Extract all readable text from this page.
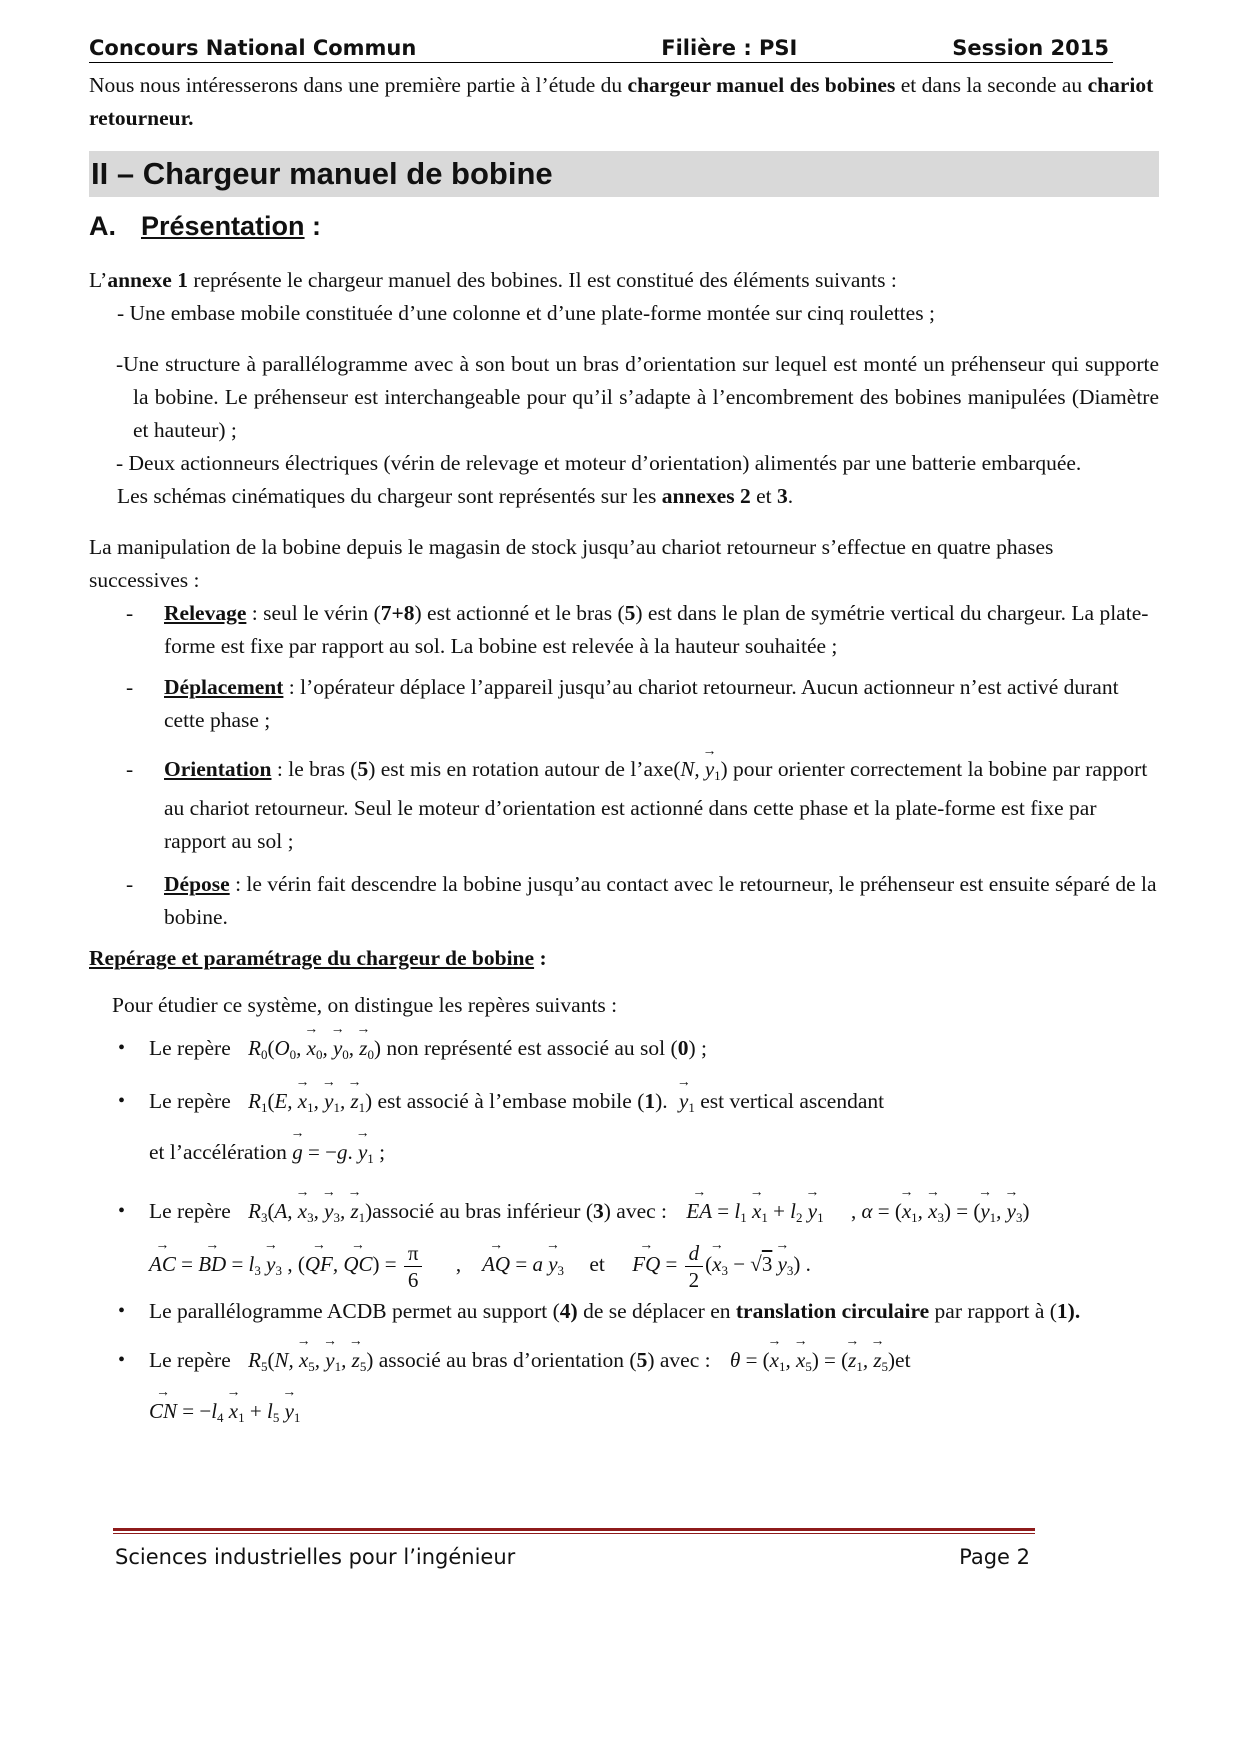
Concours National Commun	Filière : PSI	Session 2015

Nous nous intéresserons dans une première partie à l’étude du chargeur manuel des bobines et dans la seconde au chariot retourneur.

II – Chargeur manuel de bobine
A. Présentation :

L’annexe 1 représente le chargeur manuel des bobines. Il est constitué des éléments suivants :

- Une embase mobile constituée d’une colonne et d’une plate-forme montée sur cinq roulettes ;

-Une structure à parallélogramme avec à son bout un bras d’orientation sur lequel est monté un préhenseur qui supporte la bobine. Le préhenseur est interchangeable pour qu’il s’adapte à l’encombrement des bobines manipulées (Diamètre et hauteur) ;

- Deux actionneurs électriques (vérin de relevage et moteur d’orientation) alimentés par une batterie embarquée.

Les schémas cinématiques du chargeur sont représentés sur les annexes 2 et 3.

La manipulation de la bobine depuis le magasin de stock jusqu’au chariot retourneur s’effectue en quatre phases successives :

-	Relevage : seul le vérin (7+8) est actionné et le bras (5) est dans le plan de symétrie vertical du chargeur. La plate-forme est fixe par rapport au sol. La bobine est relevée à la hauteur souhaitée ;
-	Déplacement : l’opérateur déplace l’appareil jusqu’au chariot retourneur. Aucun actionneur n’est activé durant cette phase ;
-	Orientation : le bras (5) est mis en rotation autour de l’axe(N, → $y_1$) pour orienter correctement la bobine par rapport au chariot retourneur. Seul le moteur d’orientation est actionné dans cette phase et la plate-forme est fixe par rapport au sol ;
-	Dépose : le vérin fait descendre la bobine jusqu’au contact avec le retourneur, le préhenseur est ensuite séparé de la bobine.

Repérage et paramétrage du chargeur de bobine :

Pour étudier ce système, on distingue les repères suivants :

•	Le repère $R_0(O_0$, → $x_0$, → $y_0$, → $z_0$) non représenté est associé au sol (0) ;
•	Le repère $R_1(E$, → $x_1$, → $y_1$, → $z_1$) est associé à l’embase mobile (1). → $y_1$ est vertical ascendant
et l’accélération → g = −g. → $y_1$ ;
•	Le repère $R_3(A$, → $x_3$, → $y_3$, → $z_1)associé$ au bras inférieur (3) avec : → EA = $l_1 \to x_1 + l_2 \to y_1$ , α = (→ $x_1$, → $x_3$) = (→ $y_1$, → $y_3$)
→ AC = → BD = $l_3 \to y_3$ , (→ QF, → $QC) = \frac{\pi}{6}$ , → AQ = $a \to y_3$ et → FQ = $\frac{d}{2}$ (→ $x_3 - √3 \to y_3$) .
•	Le parallélogramme ACDB permet au support (4) de se déplacer en translation circulaire par rapport à (1).
•	Le repère $R_5(N$, → $x_5$, → $y_1$, → $z_5$) associé au bras d’orientation (5) avec : θ = (→ $x_1$, → $x_5$) = (→ $z_1$, → $z_5)et$
→ CN = $-l_4 \to x_1 + l_5 \to y_1$
Sciences industrielles pour l’ingénieur	Page 2
